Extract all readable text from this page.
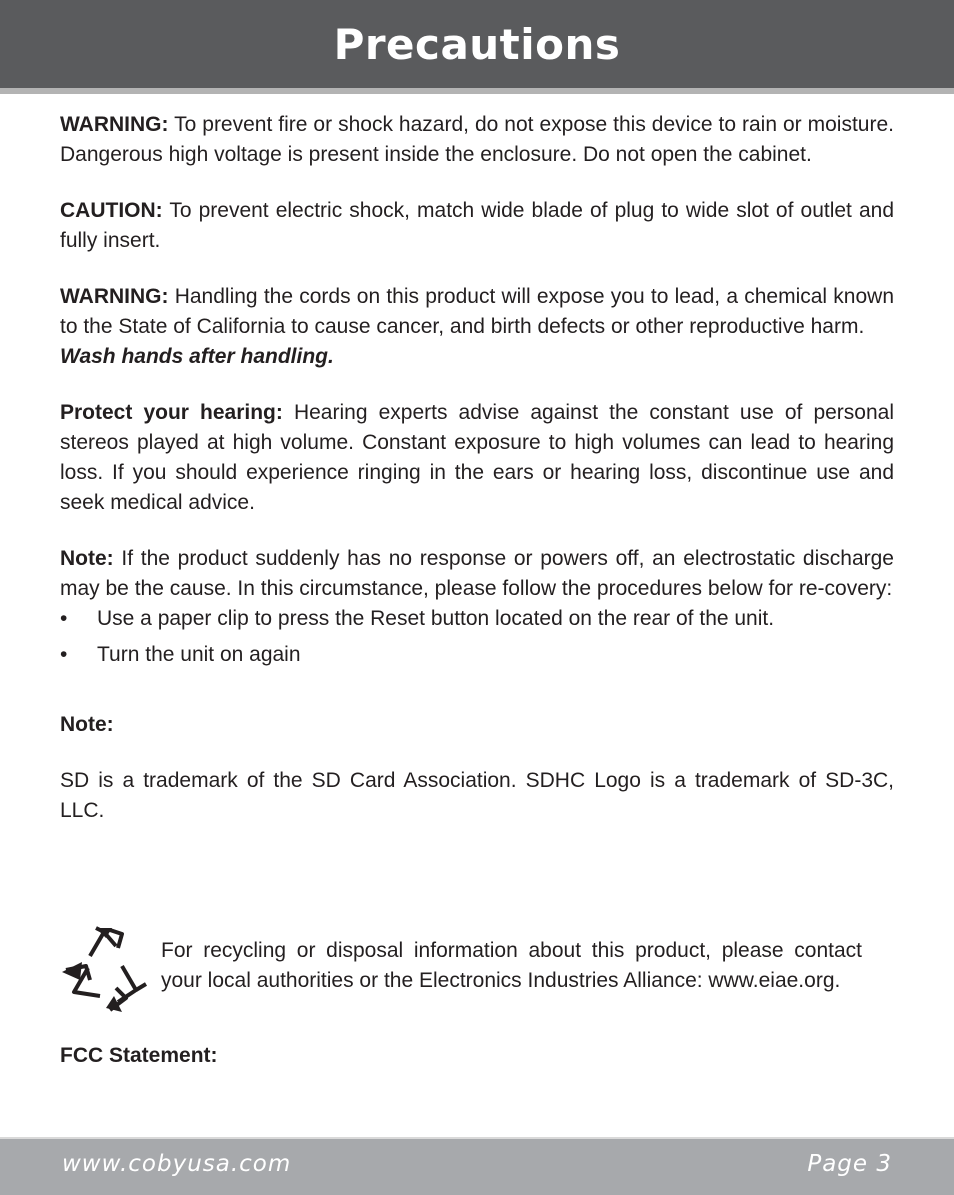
Precautions

WARNING: To prevent fire or shock hazard, do not expose this device to rain or moisture. Dangerous high voltage is present inside the enclosure. Do not open the cabinet.

CAUTION: To prevent electric shock, match wide blade of plug to wide slot of outlet and fully insert.

WARNING: Handling the cords on this product will expose you to lead, a chemical known to the State of California to cause cancer, and birth defects or other reproductive harm.
Wash hands after handling.

Protect your hearing: Hearing experts advise against the constant use of personal stereos played at high volume. Constant exposure to high volumes can lead to hearing loss. If you should experience ringing in the ears or hearing loss, discontinue use and seek medical advice.

Note: If the product suddenly has no response or powers off, an electrostatic discharge may be the cause. In this circumstance, please follow the procedures below for re-covery:

• Use a paper clip to press the Reset button located on the rear of the unit.
• Turn the unit on again

Note:

SD is a trademark of the SD Card Association. SDHC Logo is a trademark of SD-3C, LLC.

For recycling or disposal information about this product, please contact your local authorities or the Electronics Industries Alliance: www.eiae.org.
FCC Statement:
www.cobyusa.com	Page 3
